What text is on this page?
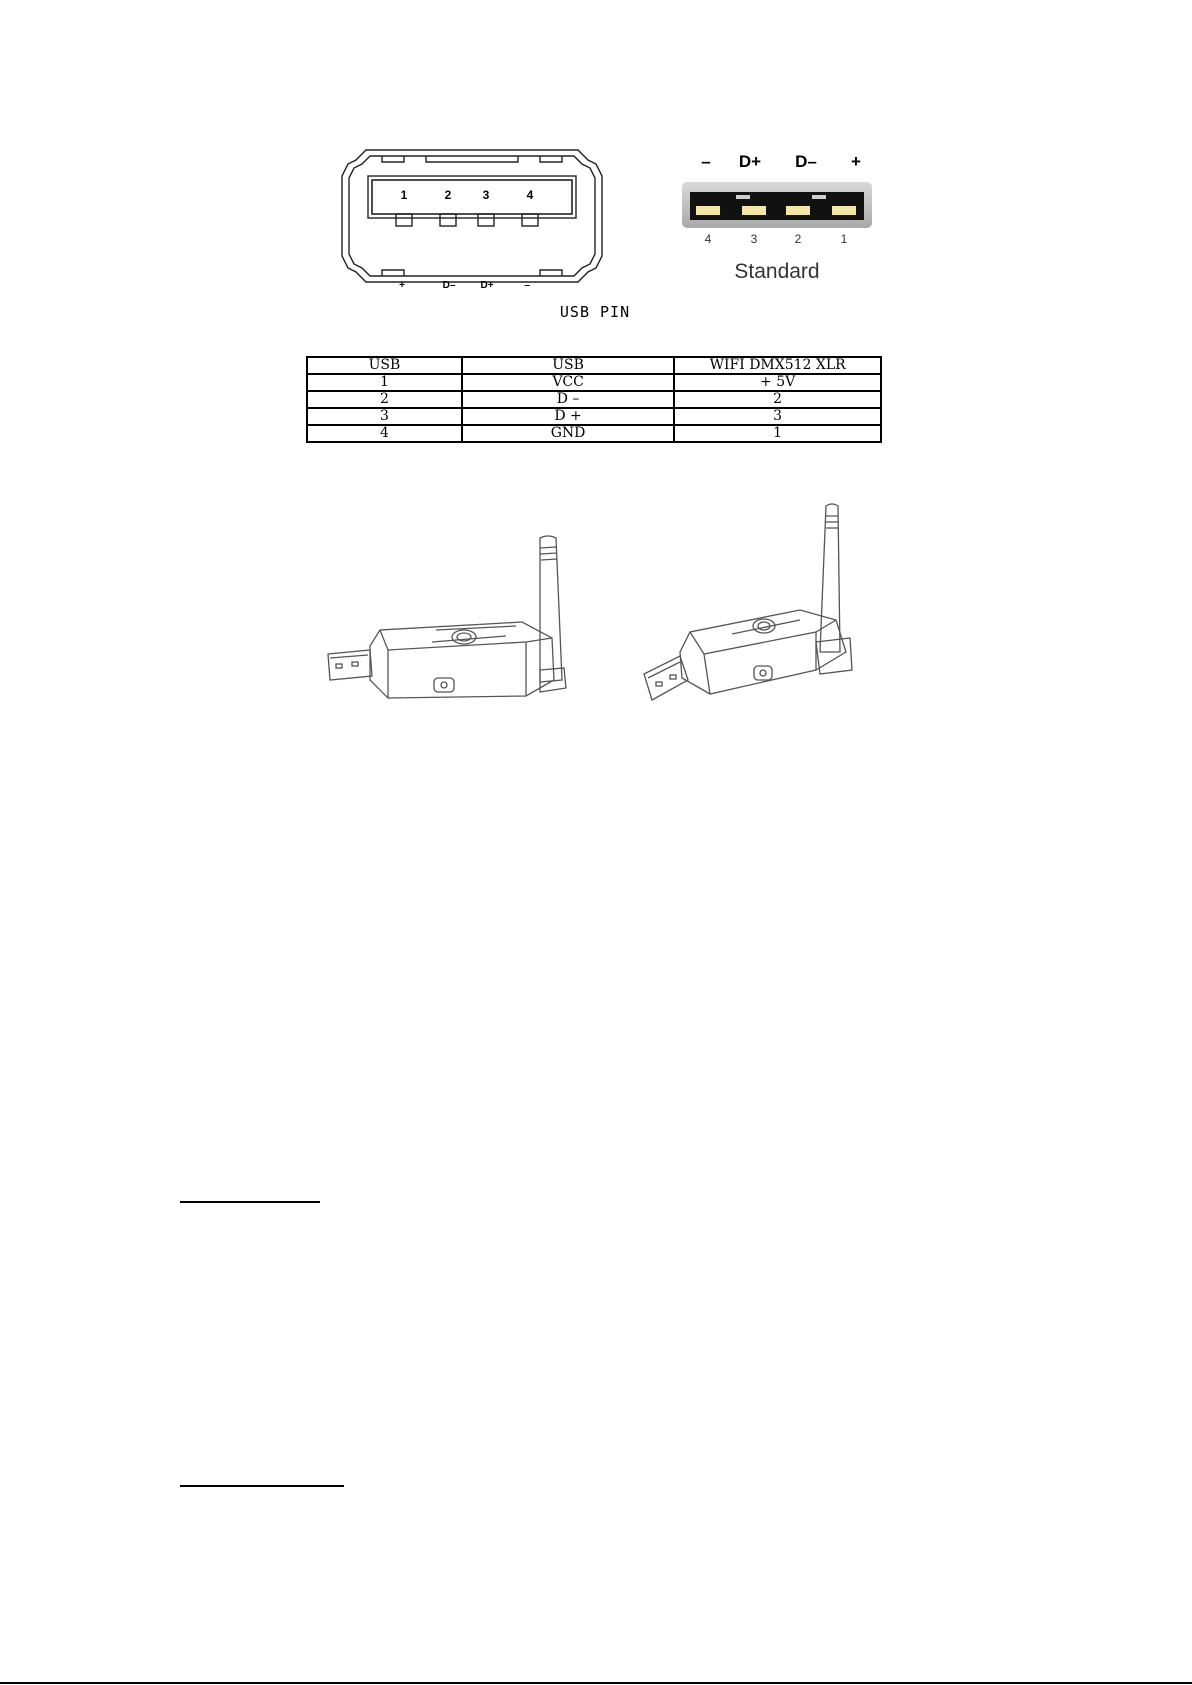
1	2	3	4
+	D–	D+	–
–	D+	D–	+
4	3	2	1
Standard
USB PIN
USB	USB	WIFI DMX512 XLR
1	VCC	+ 5V
2	D –	2
3	D +	3
4	GND	1
